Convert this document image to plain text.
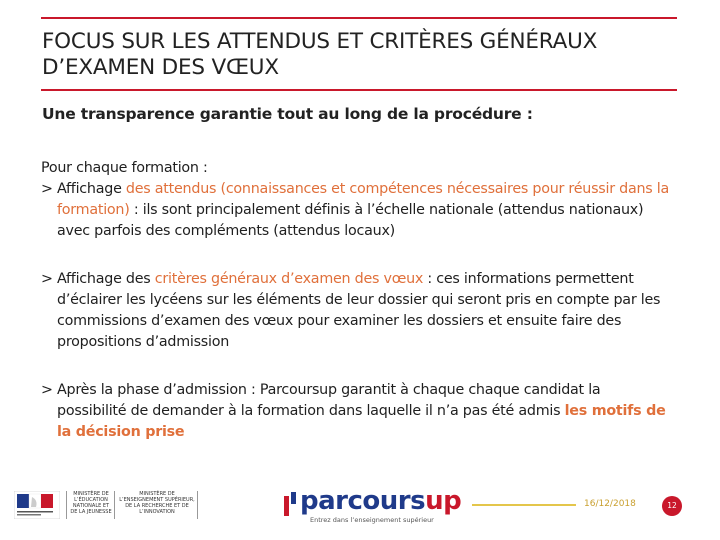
FOCUS SUR LES ATTENDUS ET CRITÈRES GÉNÉRAUX
D’EXAMEN DES VŒUX
Une transparence garantie tout au long de la procédure :

Pour chaque formation :

> Affichage des attendus (connaissances et compétences nécessaires pour réussir dans la formation) : ils sont principalement définis à l’échelle nationale (attendus nationaux) avec parfois des compléments (attendus locaux)

> Affichage des critères généraux d’examen des vœux : ces informations permettent d’éclairer les lycéens sur les éléments de leur dossier qui seront pris en compte par les commissions d’examen des vœux pour examiner les dossiers et ensuite faire des propositions d’admission

> Après la phase d’admission : Parcoursup garantit à chaque chaque candidat la possibilité de demander à la formation dans laquelle il n’a pas été admis les motifs de la décision prise

MINISTÈRE DE L’ÉDUCATION NATIONALE ET DE LA JEUNESSE
MINISTÈRE DE L’ENSEIGNEMENT SUPÉRIEUR, DE LA RECHERCHE ET DE L’INNOVATION	parcoursup
Entrez dans l’enseignement supérieur
16/12/2018	12
